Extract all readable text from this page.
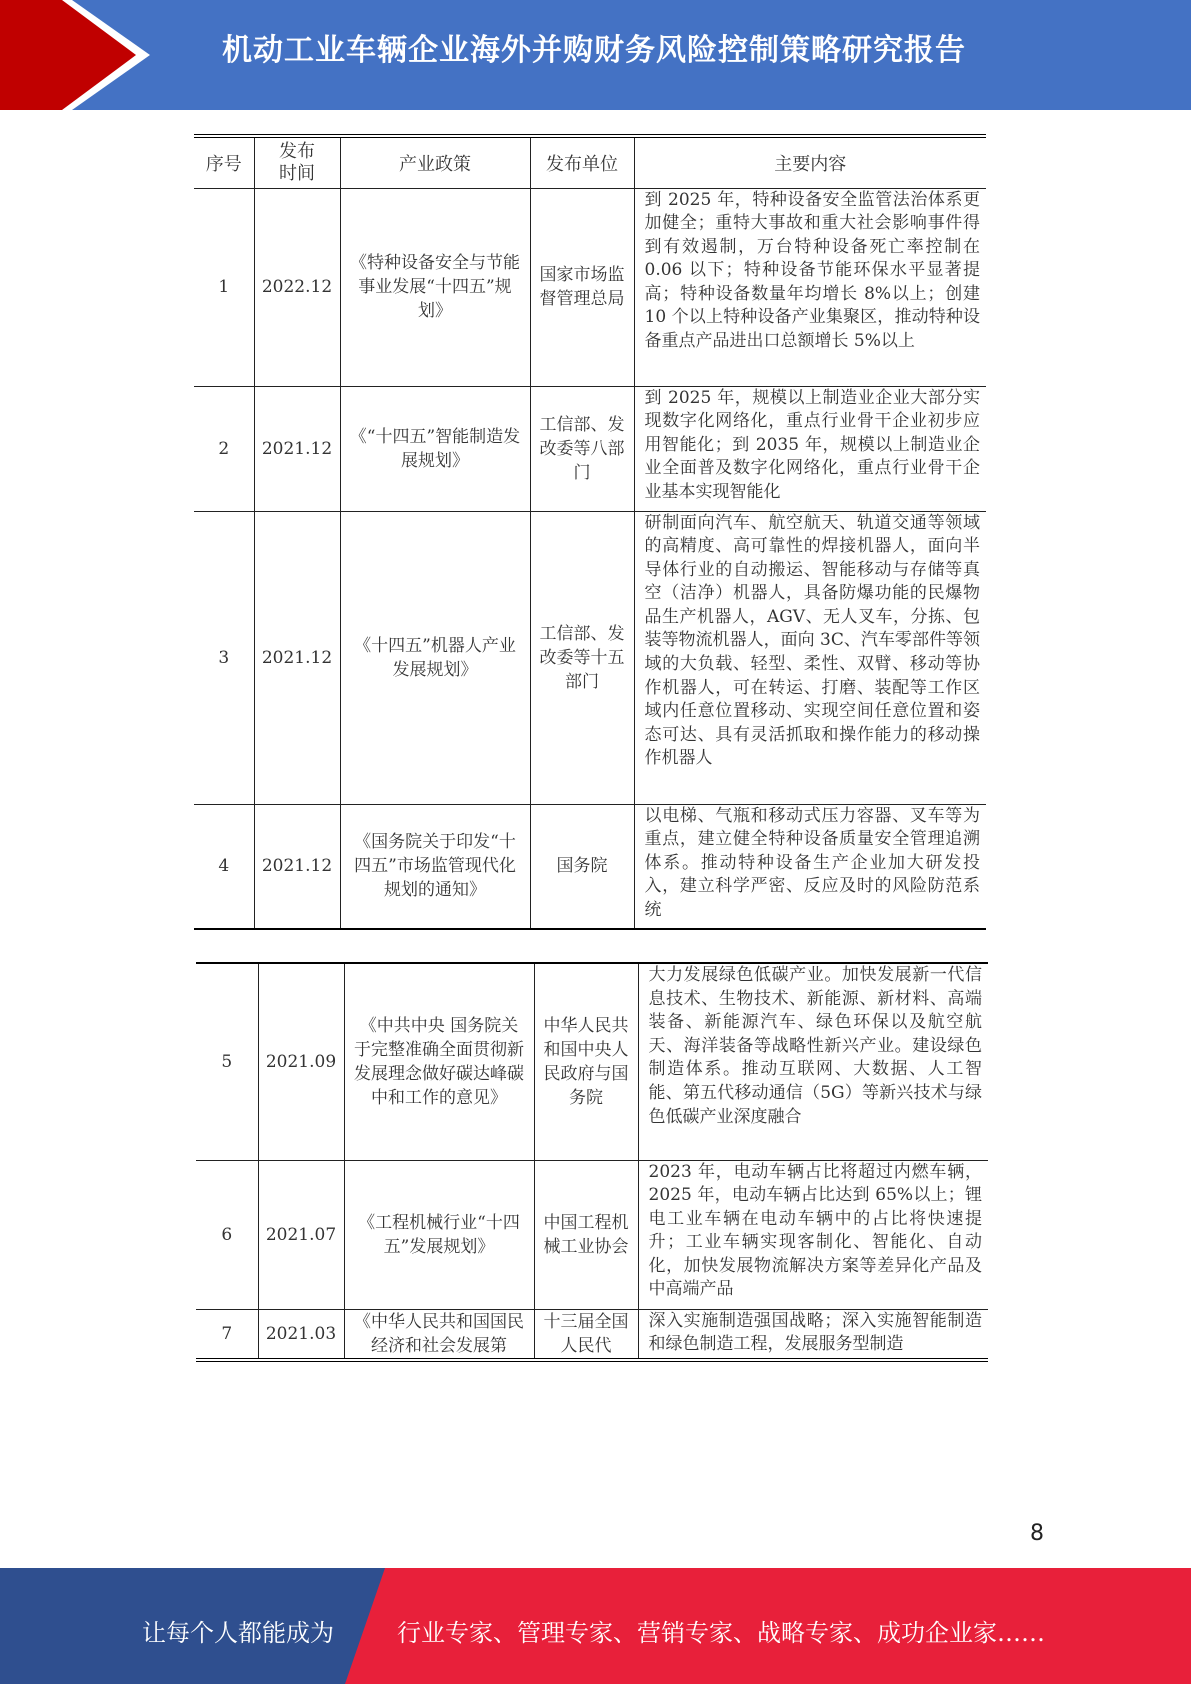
机动工业车辆企业海外并购财务风险控制策略研究报告
序号	发布时间	产业政策	发布单位	主要内容
1	2022.12	《特种设备安全与节能事业发展“十四五”规划》	国家市场监督管理总局	到 2025 年，特种设备安全监管法治体系更加健全；重特大事故和重大社会影响事件得到有效遏制，万台特种设备死亡率控制在 0.06 以下；特种设备节能环保水平显著提高；特种设备数量年均增长 8%以上；创建 10 个以上特种设备产业集聚区，推动特种设备重点产品进出口总额增长 5%以上
2	2021.12	《“十四五”智能制造发展规划》	工信部、发改委等八部门	到 2025 年，规模以上制造业企业大部分实现数字化网络化，重点行业骨干企业初步应用智能化；到 2035 年，规模以上制造业企业全面普及数字化网络化，重点行业骨干企业基本实现智能化
3	2021.12	《十四五”机器人产业发展规划》	工信部、发改委等十五部门	研制面向汽车、航空航天、轨道交通等领域的高精度、高可靠性的焊接机器人，面向半导体行业的自动搬运、智能移动与存储等真空（洁净）机器人，具备防爆功能的民爆物品生产机器人，AGV、无人叉车，分拣、包装等物流机器人，面向 3C、汽车零部件等领域的大负载、轻型、柔性、双臂、移动等协作机器人，可在转运、打磨、装配等工作区域内任意位置移动、实现空间任意位置和姿态可达、具有灵活抓取和操作能力的移动操作机器人
4	2021.12	《国务院关于印发“十四五”市场监管现代化规划的通知》	国务院	以电梯、气瓶和移动式压力容器、叉车等为重点，建立健全特种设备质量安全管理追溯体系。推动特种设备生产企业加大研发投入，建立科学严密、反应及时的风险防范系统
5	2021.09	《中共中央 国务院关于完整准确全面贯彻新发展理念做好碳达峰碳中和工作的意见》	中华人民共和国中央人民政府与国务院	大力发展绿色低碳产业。加快发展新一代信息技术、生物技术、新能源、新材料、高端装备、新能源汽车、绿色环保以及航空航天、海洋装备等战略性新兴产业。建设绿色制造体系。推动互联网、大数据、人工智能、第五代移动通信（5G）等新兴技术与绿色低碳产业深度融合
6	2021.07	《工程机械行业“十四五”发展规划》	中国工程机械工业协会	2023 年，电动车辆占比将超过内燃车辆，2025 年，电动车辆占比达到 65%以上；锂电工业车辆在电动车辆中的占比将快速提升；工业车辆实现客制化、智能化、自动化，加快发展物流解决方案等差异化产品及中高端产品
7	2021.03	《中华人民共和国国民经济和社会发展第	十三届全国人民代	深入实施制造强国战略；深入实施智能制造和绿色制造工程，发展服务型制造
8
让每个人都能成为	行业专家、管理专家、营销专家、战略专家、成功企业家……
